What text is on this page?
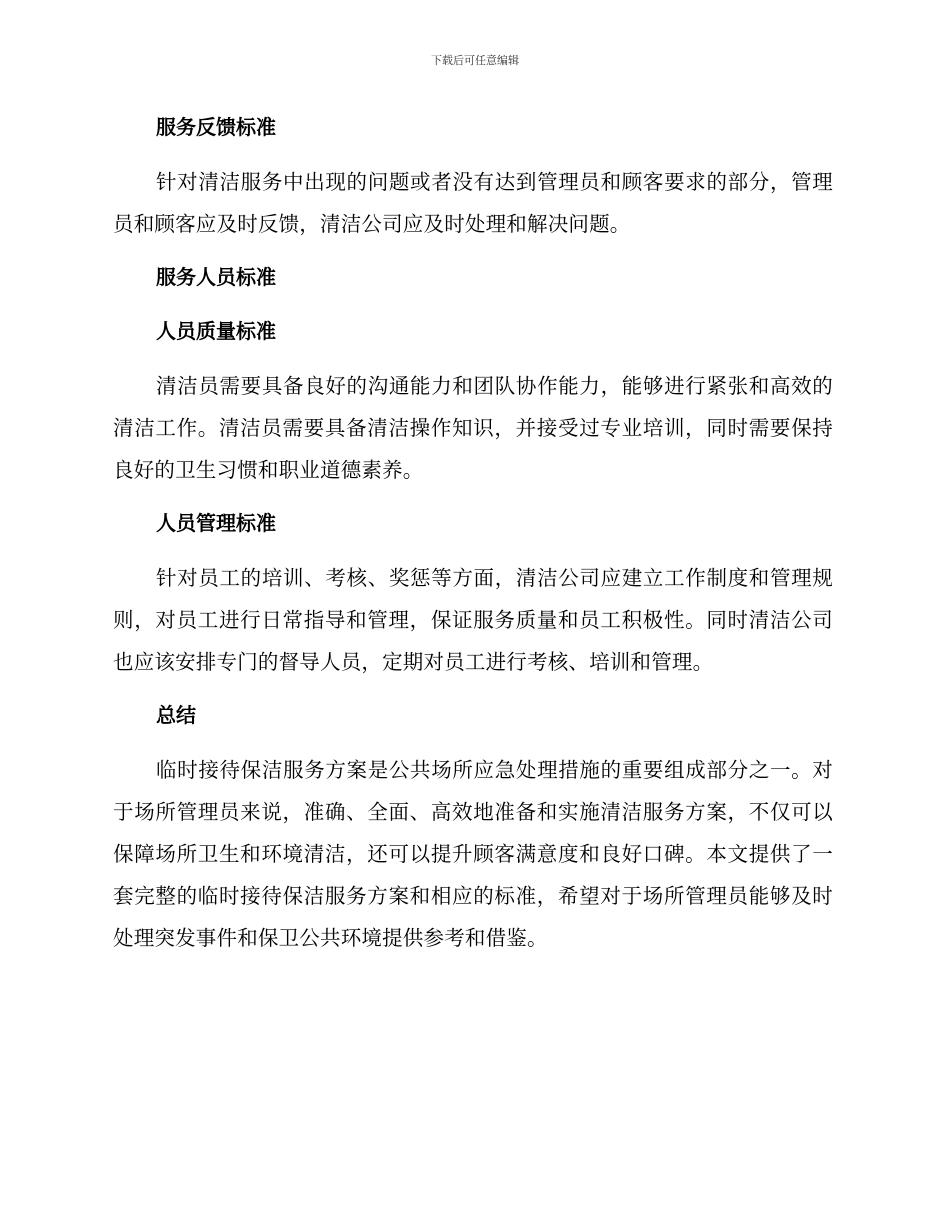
下载后可任意编辑
服务反馈标准

针对清洁服务中出现的问题或者没有达到管理员和顾客要求的部分，管理员和顾客应及时反馈，清洁公司应及时处理和解决问题。

服务人员标准
人员质量标准

清洁员需要具备良好的沟通能力和团队协作能力，能够进行紧张和高效的清洁工作。清洁员需要具备清洁操作知识，并接受过专业培训，同时需要保持良好的卫生习惯和职业道德素养。

人员管理标准

针对员工的培训、考核、奖惩等方面，清洁公司应建立工作制度和管理规则，对员工进行日常指导和管理，保证服务质量和员工积极性。同时清洁公司也应该安排专门的督导人员，定期对员工进行考核、培训和管理。

总结

临时接待保洁服务方案是公共场所应急处理措施的重要组成部分之一。对于场所管理员来说，准确、全面、高效地准备和实施清洁服务方案，不仅可以保障场所卫生和环境清洁，还可以提升顾客满意度和良好口碑。本文提供了一套完整的临时接待保洁服务方案和相应的标准，希望对于场所管理员能够及时处理突发事件和保卫公共环境提供参考和借鉴。
